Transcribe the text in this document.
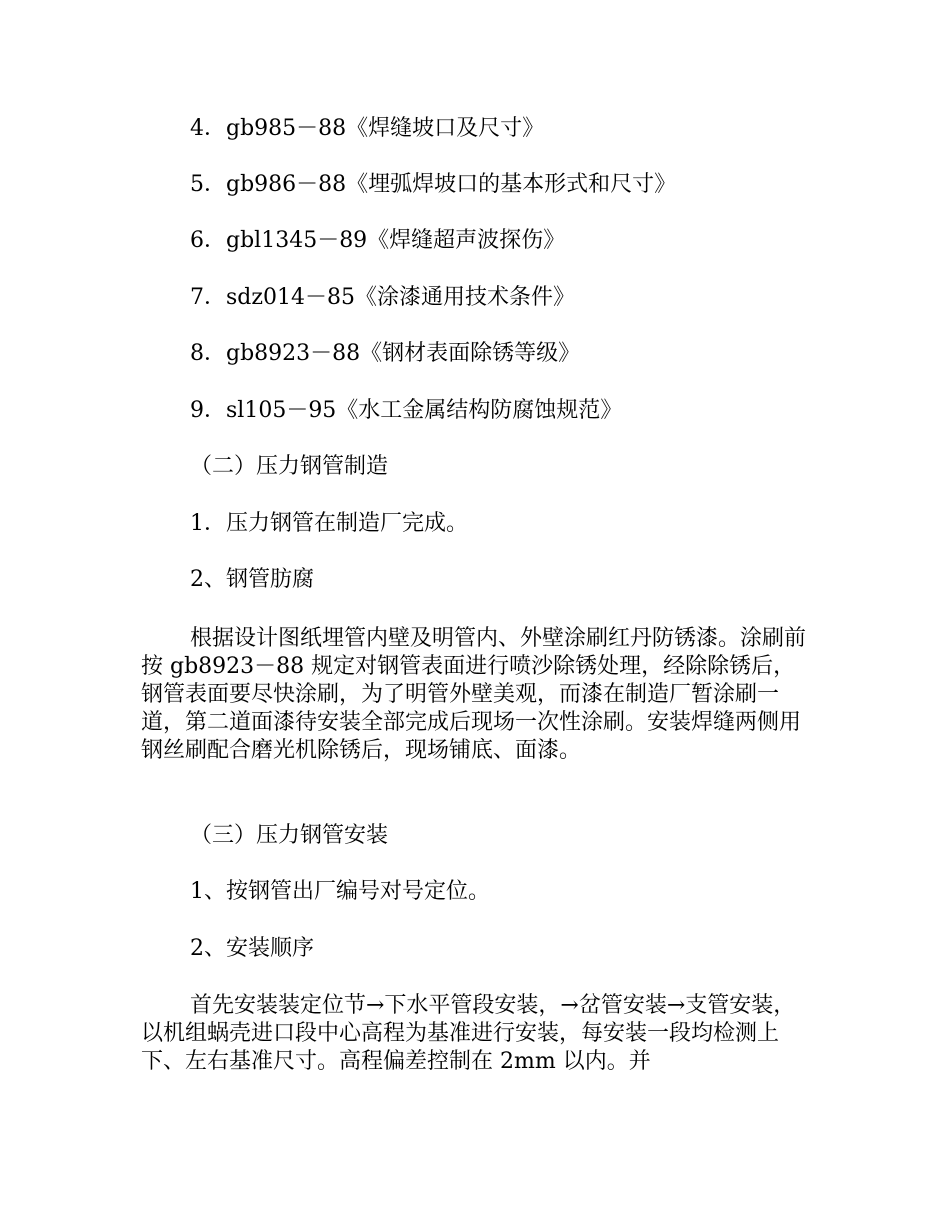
4．gb985－88《焊缝坡口及尺寸》
5．gb986－88《埋弧焊坡口的基本形式和尺寸》
6．gbl1345－89《焊缝超声波探伤》
7．sdz014－85《涂漆通用技术条件》
8．gb8923－88《钢材表面除锈等级》
9．sl105－95《水工金属结构防腐蚀规范》
（二）压力钢管制造
1．压力钢管在制造厂完成。
2、钢管肪腐
根据设计图纸埋管内壁及明管内、外壁涂刷红丹防锈漆。涂刷前按 gb8923－88 规定对钢管表面进行喷沙除锈处理，经除除锈后，钢管表面要尽快涂刷，为了明管外壁美观，而漆在制造厂暂涂刷一道，第二道面漆待安装全部完成后现场一次性涂刷。安装焊缝两侧用钢丝刷配合磨光机除锈后，现场铺底、面漆。
（三）压力钢管安装
1、按钢管出厂编号对号定位。
2、安装顺序
首先安装装定位节→下水平管段安装，→岔管安装→支管安装，以机组蜗壳进口段中心高程为基准进行安装，每安装一段均检测上下、左右基准尺寸。高程偏差控制在 2mm 以内。并
